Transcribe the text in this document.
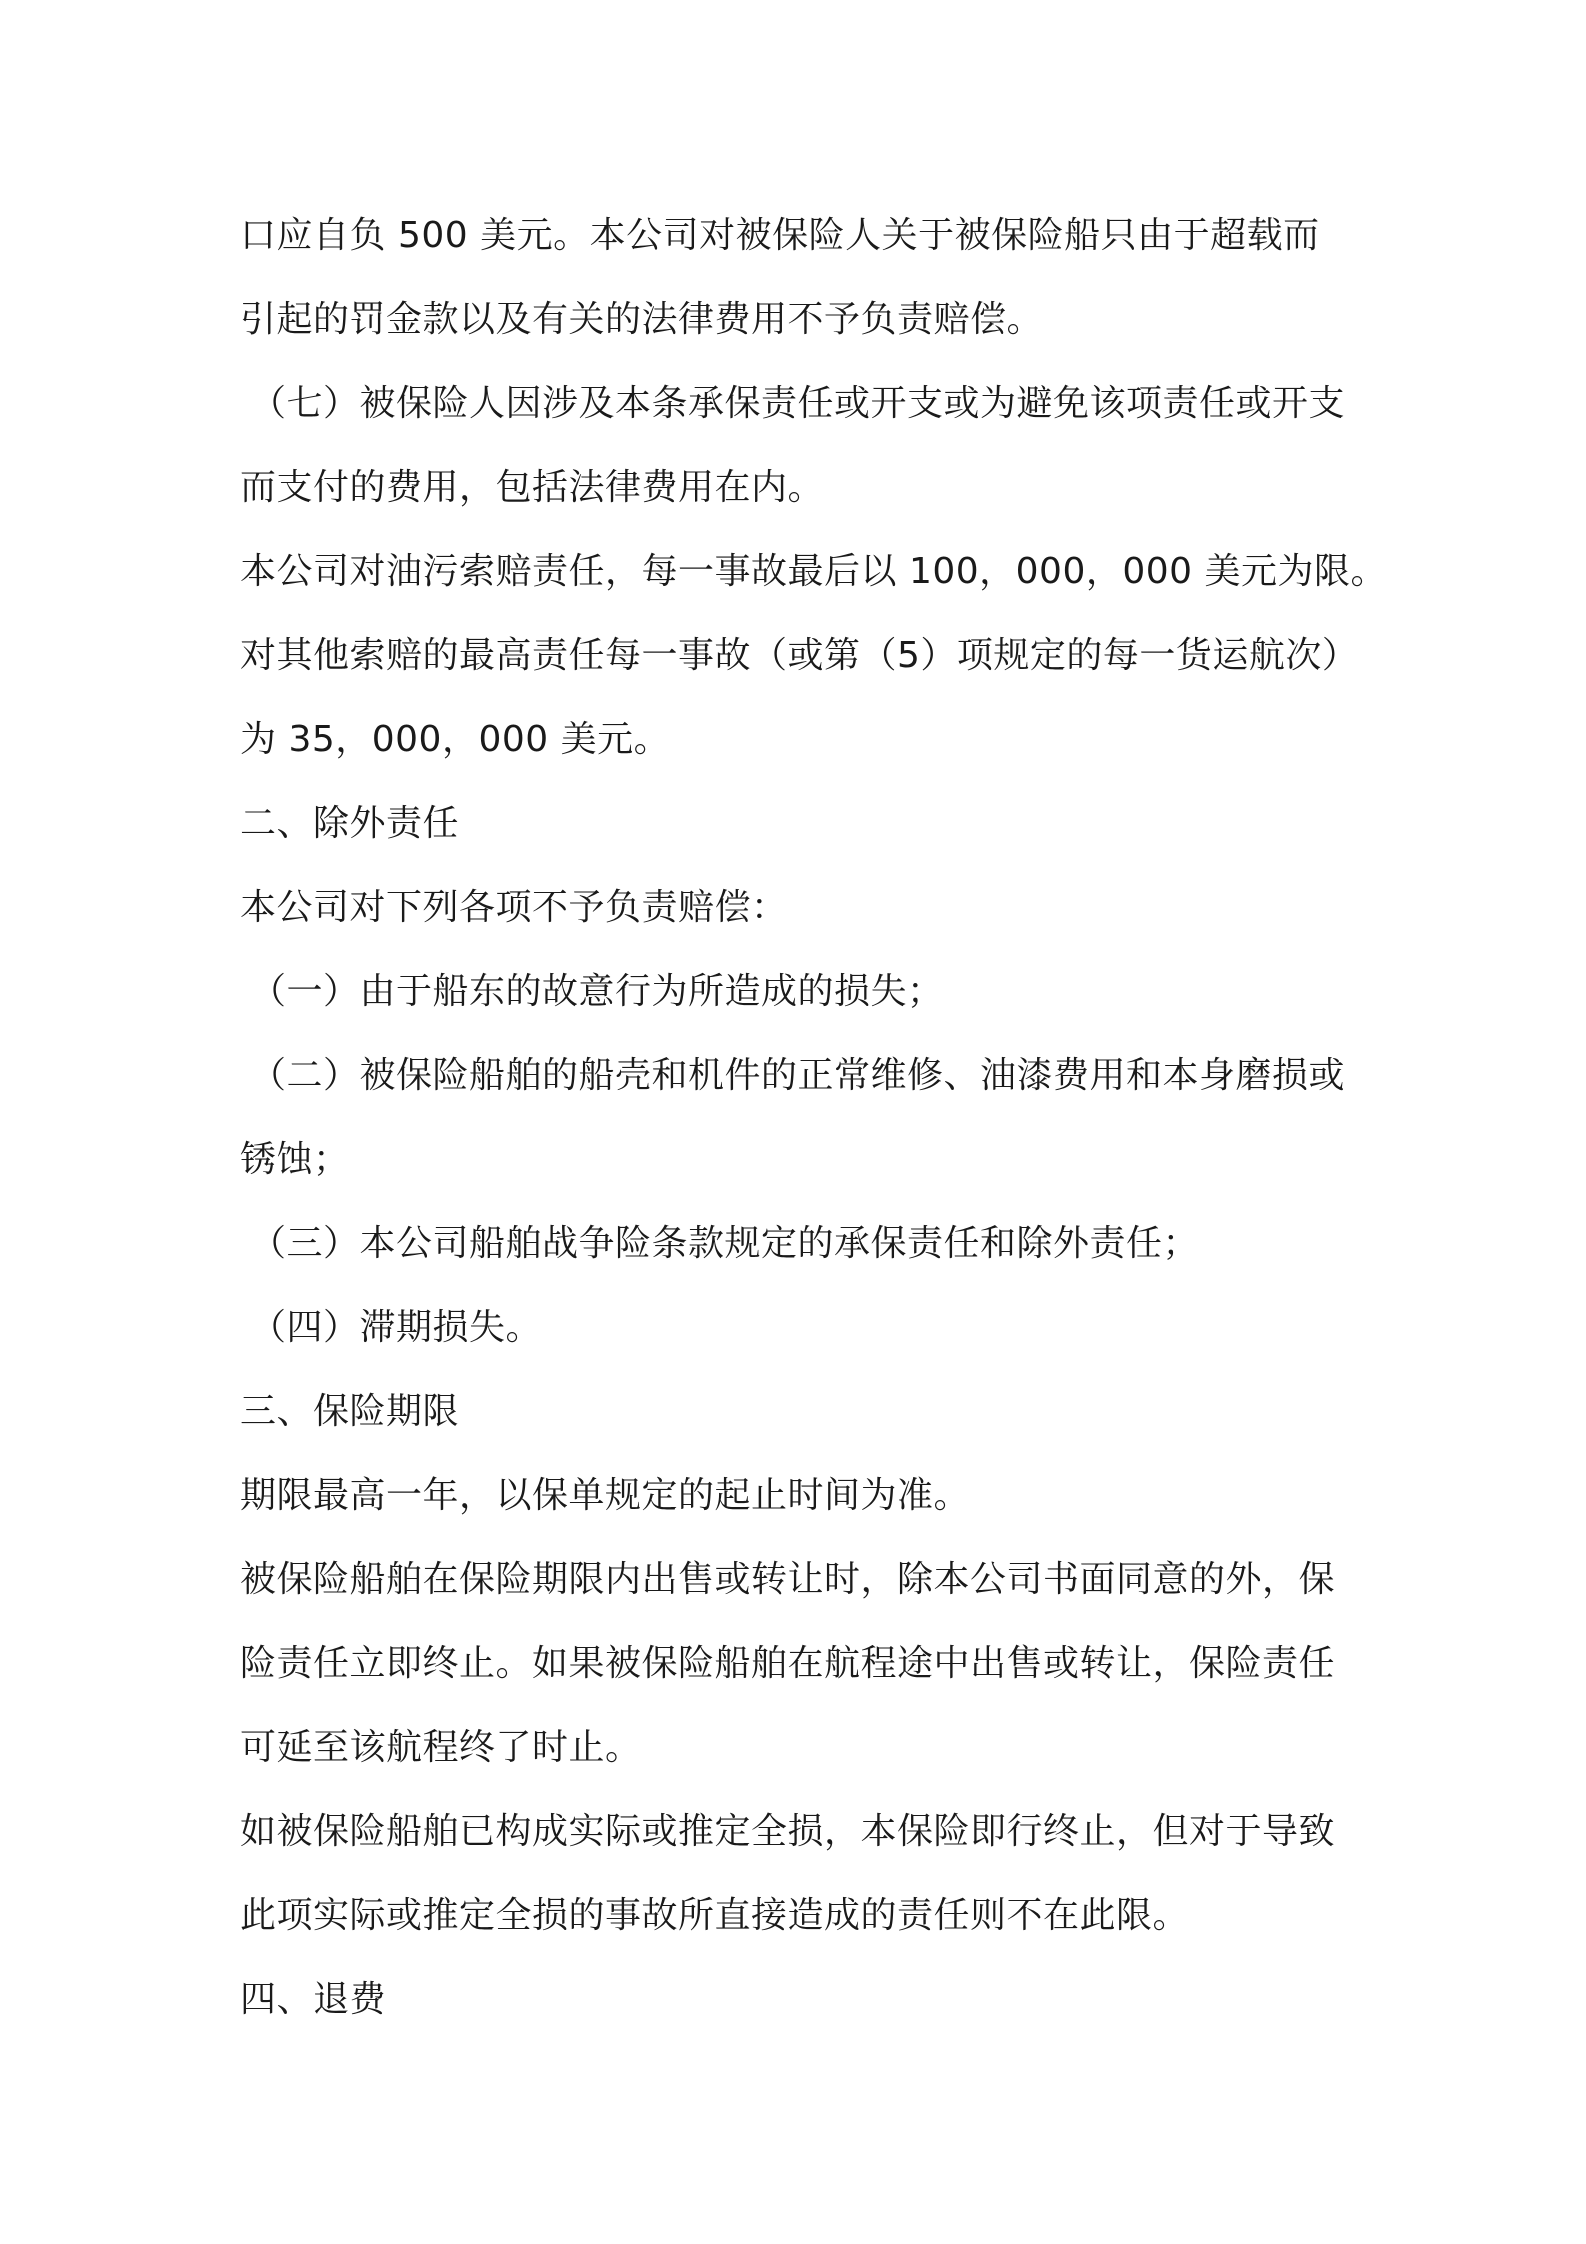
口应自负 500 美元。本公司对被保险人关于被保险船只由于超载而
引起的罚金款以及有关的法律费用不予负责赔偿。
（七）被保险人因涉及本条承保责任或开支或为避免该项责任或开支
而支付的费用，包括法律费用在内。
本公司对油污索赔责任，每一事故最后以 100，000，000 美元为限。
对其他索赔的最高责任每一事故（或第（5）项规定的每一货运航次）
为 35，000，000 美元。
二、除外责任
本公司对下列各项不予负责赔偿：
（一）由于船东的故意行为所造成的损失；
（二）被保险船舶的船壳和机件的正常维修、油漆费用和本身磨损或
锈蚀；
（三）本公司船舶战争险条款规定的承保责任和除外责任；
（四）滞期损失。
三、保险期限
期限最高一年，以保单规定的起止时间为准。
被保险船舶在保险期限内出售或转让时，除本公司书面同意的外，保
险责任立即终止。如果被保险船舶在航程途中出售或转让，保险责任
可延至该航程终了时止。
如被保险船舶已构成实际或推定全损，本保险即行终止，但对于导致
此项实际或推定全损的事故所直接造成的责任则不在此限。
四、退费
